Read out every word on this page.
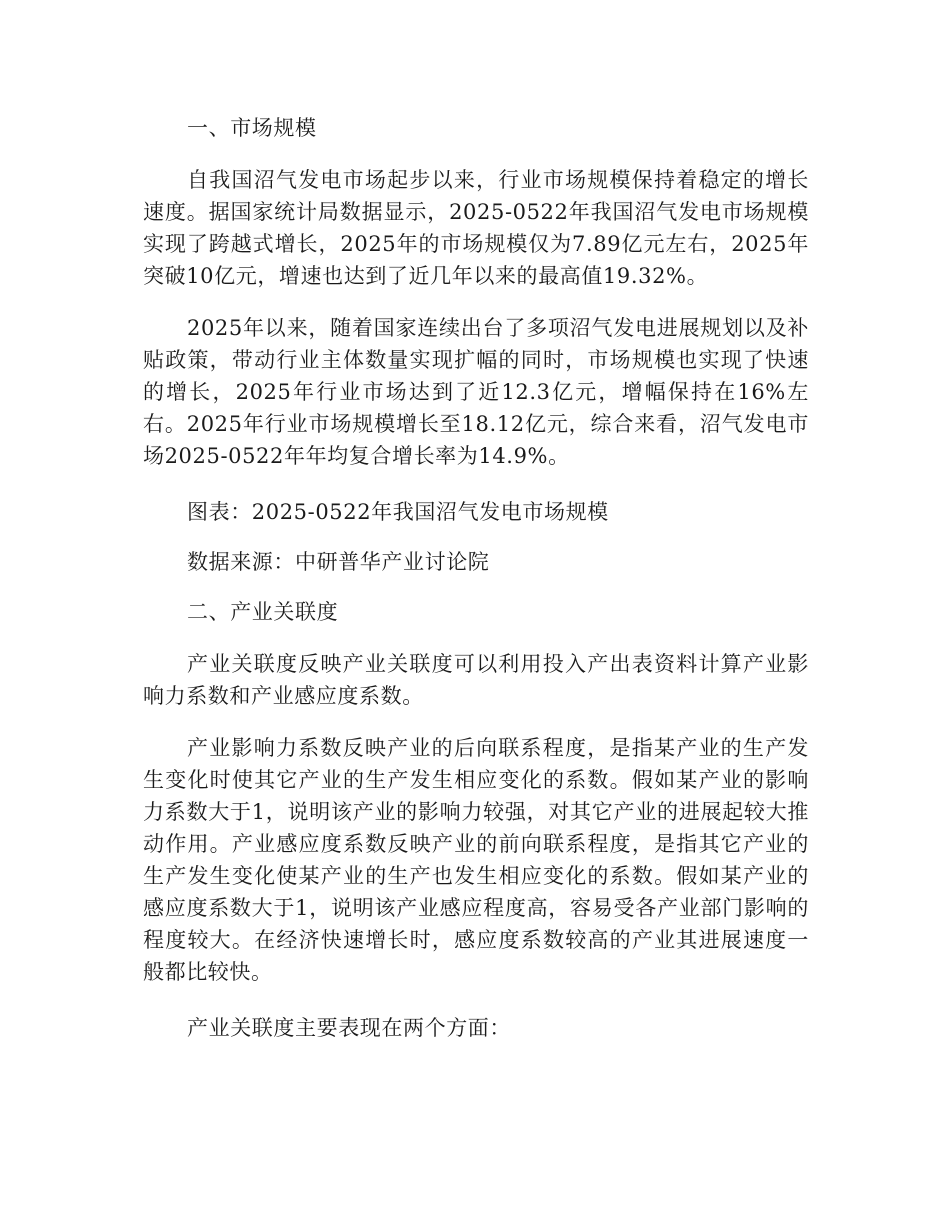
一、市场规模

自我国沼气发电市场起步以来，行业市场规模保持着稳定的增长速度。据国家统计局数据显示，2025-0522年我国沼气发电市场规模实现了跨越式增长，2025年的市场规模仅为7.89亿元左右，2025年突破10亿元，增速也达到了近几年以来的最高值19.32%。

2025年以来，随着国家连续出台了多项沼气发电进展规划以及补贴政策，带动行业主体数量实现扩幅的同时，市场规模也实现了快速的增长，2025年行业市场达到了近12.3亿元，增幅保持在16%左右。2025年行业市场规模增长至18.12亿元，综合来看，沼气发电市场2025-0522年年均复合增长率为14.9%。

图表：2025-0522年我国沼气发电市场规模

数据来源：中研普华产业讨论院

二、产业关联度

产业关联度反映产业关联度可以利用投入产出表资料计算产业影响力系数和产业感应度系数。

产业影响力系数反映产业的后向联系程度，是指某产业的生产发生变化时使其它产业的生产发生相应变化的系数。假如某产业的影响力系数大于1，说明该产业的影响力较强，对其它产业的进展起较大推动作用。产业感应度系数反映产业的前向联系程度，是指其它产业的生产发生变化使某产业的生产也发生相应变化的系数。假如某产业的感应度系数大于1，说明该产业感应程度高，容易受各产业部门影响的程度较大。在经济快速增长时，感应度系数较高的产业其进展速度一般都比较快。

产业关联度主要表现在两个方面：
